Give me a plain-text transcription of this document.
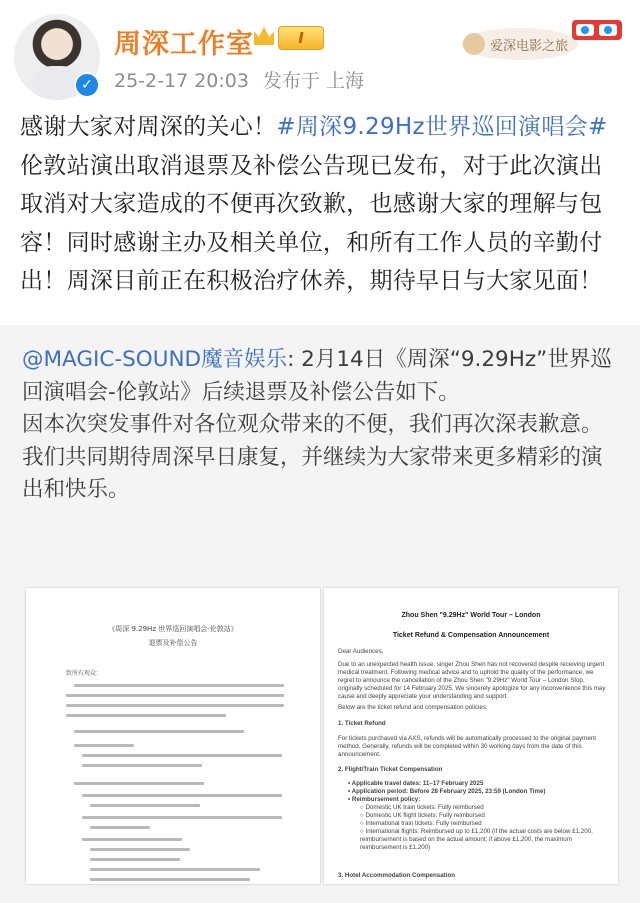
✓
周深工作室	I
25-2-17 20:03 发布于 上海
爱深电影之旅
感谢大家对周深的关心！#周深9.29Hz世界巡回演唱会# 伦敦站演出取消退票及补偿公告现已发布，对于此次演出取消对大家造成的不便再次致歉，也感谢大家的理解与包容！同时感谢主办及相关单位，和所有工作人员的辛勤付出！周深目前正在积极治疗休养，期待早日与大家见面！

@MAGIC-SOUND魔音娱乐: 2月14日《周深“9.29Hz”世界巡回演唱会-伦敦站》后续退票及补偿公告如下。

因本次突发事件对各位观众带来的不便，我们再次深表歉意。

我们共同期待周深早日康复，并继续为大家带来更多精彩的演出和快乐。

《周深 9.29Hz 世界巡回演唱会-伦敦站》
退票及补偿公告
致所有观众：
Zhou Shen "9.29Hz" World Tour – London
Ticket Refund & Compensation Announcement
Dear Audiences,
Due to an unexpected health issue, singer Zhou Shen has not recovered despite receiving urgent medical treatment. Following medical advice and to uphold the quality of the performance, we regret to announce the cancellation of the Zhou Shen "9.29Hz" World Tour – London Stop, originally scheduled for 14 February 2025. We sincerely apologize for any inconvenience this may cause and deeply appreciate your understanding and support.
Below are the ticket refund and compensation policies:
1. Ticket Refund
For tickets purchased via AXS, refunds will be automatically processed to the original payment method. Generally, refunds will be completed within 30 working days from the date of this announcement.
2. Flight/Train Ticket Compensation
• Applicable travel dates: 11–17 February 2025
• Application period: Before 28 February 2025, 23:59 (London Time)
• Reimbursement policy:
○ Domestic UK train tickets: Fully reimbursed
○ Domestic UK flight tickets: Fully reimbursed
○ International train tickets: Fully reimbursed
○ International flights: Reimbursed up to £1,200 (if the actual costs are below £1,200, reimbursement is based on the actual amount; if above £1,200, the maximum reimbursement is £1,200)
3. Hotel Accommodation Compensation
